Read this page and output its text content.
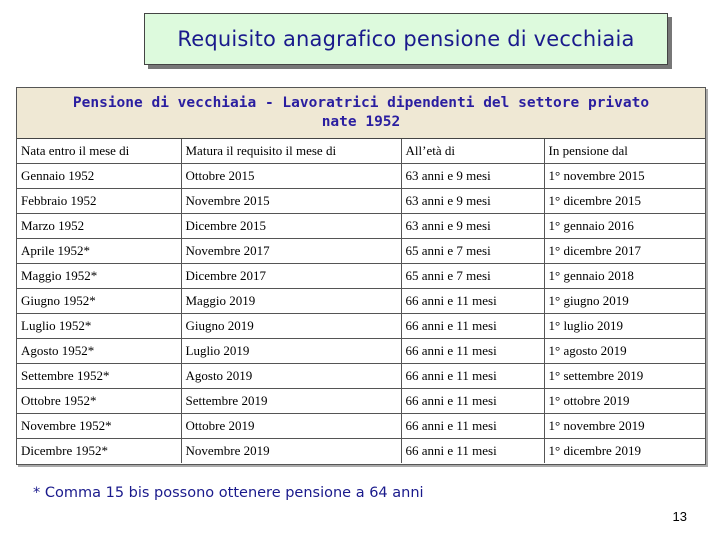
Requisito anagrafico pensione di vecchiaia
Pensione di vecchiaia - Lavoratrici dipendenti del settore privato
nate 1952
Nata entro il mese di	Matura il requisito il mese di	All’età di	In pensione dal
Gennaio 1952	Ottobre 2015	63 anni e 9 mesi	1° novembre 2015
Febbraio 1952	Novembre 2015	63 anni e 9 mesi	1° dicembre 2015
Marzo 1952	Dicembre 2015	63 anni e 9 mesi	1° gennaio 2016
Aprile 1952*	Novembre 2017	65 anni e 7 mesi	1° dicembre 2017
Maggio 1952*	Dicembre 2017	65 anni e 7 mesi	1° gennaio 2018
Giugno 1952*	Maggio 2019	66 anni e 11 mesi	1° giugno 2019
Luglio 1952*	Giugno 2019	66 anni e 11 mesi	1° luglio 2019
Agosto 1952*	Luglio 2019	66 anni e 11 mesi	1° agosto 2019
Settembre 1952*	Agosto 2019	66 anni e 11 mesi	1° settembre 2019
Ottobre 1952*	Settembre 2019	66 anni e 11 mesi	1° ottobre 2019
Novembre 1952*	Ottobre 2019	66 anni e 11 mesi	1° novembre 2019
Dicembre 1952*	Novembre 2019	66 anni e 11 mesi	1° dicembre 2019
* Comma 15 bis possono ottenere pensione a 64 anni
13
